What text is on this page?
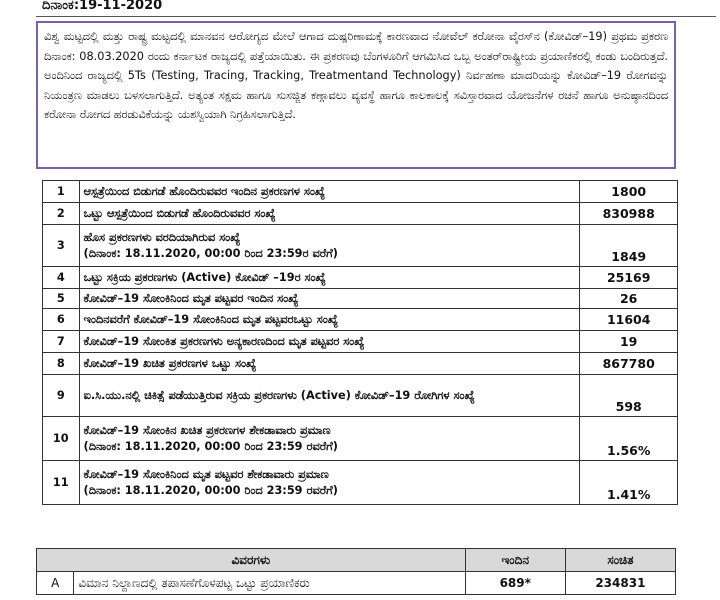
ದಿನಾಂಕ:19-11-2020
ವಿಶ್ವ ಮಟ್ಟದಲ್ಲಿ ಮತ್ತು ರಾಷ್ಟ್ರ ಮಟ್ಟದಲ್ಲಿ ಮಾನವನ ಆರೋಗ್ಯದ ಮೇಲೆ ಆಗಾದ ದುಷ್ಪರಿಣಾಮಕ್ಕೆ ಕಾರಣವಾದ ನೋವೆಲ್ ಕರೋನಾ ವೈರಸ್‌ನ (ಕೋವಿಡ್–19) ಪ್ರಥಮ ಪ್ರಕರಣ ದಿನಾಂಕ: 08.03.2020 ರಂದು ಕರ್ನಾಟಕ ರಾಜ್ಯದಲ್ಲಿ ಪತ್ತೆಯಾಯಿತು. ಈ ಪ್ರಕರಣವು ಬೆಂಗಳೂರಿಗೆ ಆಗಮಿಸಿದ ಒಬ್ಬ ಅಂತರ್‌ರಾಷ್ಟ್ರೀಯ ಪ್ರಯಾಣಿಕರಲ್ಲಿ ಕಂಡು ಬಂದಿರುತ್ತದೆ. ಅಂದಿನಿಂದ ರಾಜ್ಯದಲ್ಲಿ 5Ts (Testing, Tracing, Tracking, Treatmentand Technology) ನಿರ್ವಹಣಾ ಮಾದರಿಯನ್ನು ಕೋವಿಡ್–19 ರೋಗವನ್ನು ನಿಯಂತ್ರಣ ಮಾಡಲು ಬಳಸಲಾಗುತ್ತಿದೆ. ಅತ್ಯಂತ ಸಕ್ಷಮ ಹಾಗೂ ಸುಸಜ್ಜಿತ ಕಣ್ಗಾವಲು ವ್ಯವಸ್ಥೆ ಹಾಗೂ ಕಾಲಕಾಲಕ್ಕೆ ಸವಿಸ್ತಾರವಾದ ಯೋಜನೆಗಳ ರಚನೆ ಹಾಗೂ ಅನುಷ್ಠಾನದಿಂದ ಕರೋನಾ ರೋಗದ ಹರಡುವಿಕೆಯನ್ನು ಯಶಸ್ವಿಯಾಗಿ ನಿಗ್ರಹಿಸಲಾಗುತ್ತಿದೆ.
1	ಆಸ್ಪತ್ರೆಯಿಂದ ಬಿಡುಗಡೆ ಹೊಂದಿರುವವರ ಇಂದಿನ ಪ್ರಕರಣಗಳ ಸಂಖ್ಯೆ	1800
2	ಒಟ್ಟು ಆಸ್ಪತ್ರೆಯಿಂದ ಬಿಡುಗಡೆ ಹೊಂದಿರುವವರ ಸಂಖ್ಯೆ	830988
3	ಹೊಸ ಪ್ರಕರಣಗಳು ವರದಿಯಾಗಿರುವ ಸಂಖ್ಯೆ
(ದಿನಾಂಕ: 18.11.2020, 00:00 ರಿಂದ 23:59ರ ವರೆಗೆ)	1849
4	ಒಟ್ಟು ಸಕ್ರಿಯ ಪ್ರಕರಣಗಳು (Active) ಕೋವಿಡ್ –19ರ ಸಂಖ್ಯೆ	25169
5	ಕೋವಿಡ್–19 ಸೋಂಕಿನಿಂದ ಮೃತ ಪಟ್ಟವರ ಇಂದಿನ ಸಂಖ್ಯೆ	26
6	ಇಂದಿನವರೆಗೆ ಕೋವಿಡ್–19 ಸೋಂಕಿನಿಂದ ಮೃತ ಪಟ್ಟವರಒಟ್ಟು ಸಂಖ್ಯೆ	11604
7	ಕೋವಿಡ್–19 ಸೋಂಕಿತ ಪ್ರಕರಣಗಳು ಅನ್ಯಕಾರಣದಿಂದ ಮೃತ ಪಟ್ಟವರ ಸಂಖ್ಯೆ	19
8	ಕೋವಿಡ್–19 ಖಚಿತ ಪ್ರಕರಣಗಳ ಒಟ್ಟು ಸಂಖ್ಯೆ	867780
9	ಐ.ಸಿ.ಯು.ನಲ್ಲಿ ಚಿಕಿತ್ಸೆ ಪಡೆಯುತ್ತಿರುವ ಸಕ್ರಿಯ ಪ್ರಕರಣಗಳು (Active) ಕೋವಿಡ್–19 ರೋಗಿಗಳ ಸಂಖ್ಯೆ	598
10	ಕೋವಿಡ್–19 ಸೋಂಕಿನ ಖಚಿತ ಪ್ರಕರಣಗಳ ಶೇಕಡಾವಾರು ಪ್ರಮಾಣ
(ದಿನಾಂಕ: 18.11.2020, 00:00 ರಿಂದ 23:59 ರವರೆಗೆ)	1.56%
11	ಕೋವಿಡ್–19 ಸೋಂಕಿನಿಂದ ಮೃತ ಪಟ್ಟವರ ಶೇಕಡಾವಾರು ಪ್ರಮಾಣ
(ದಿನಾಂಕ: 18.11.2020, 00:00 ರಿಂದ 23:59 ರವರೆಗೆ)	1.41%
ವಿವರಗಳು		ಇಂದಿನ	ಸಂಚಿತ
A	ವಿಮಾನ ನಿಲ್ದಾಣದಲ್ಲಿ ತಪಾಸಣೆಗೊಳಪಟ್ಟ ಒಟ್ಟು ಪ್ರಯಾಣಿಕರು	689*	234831
